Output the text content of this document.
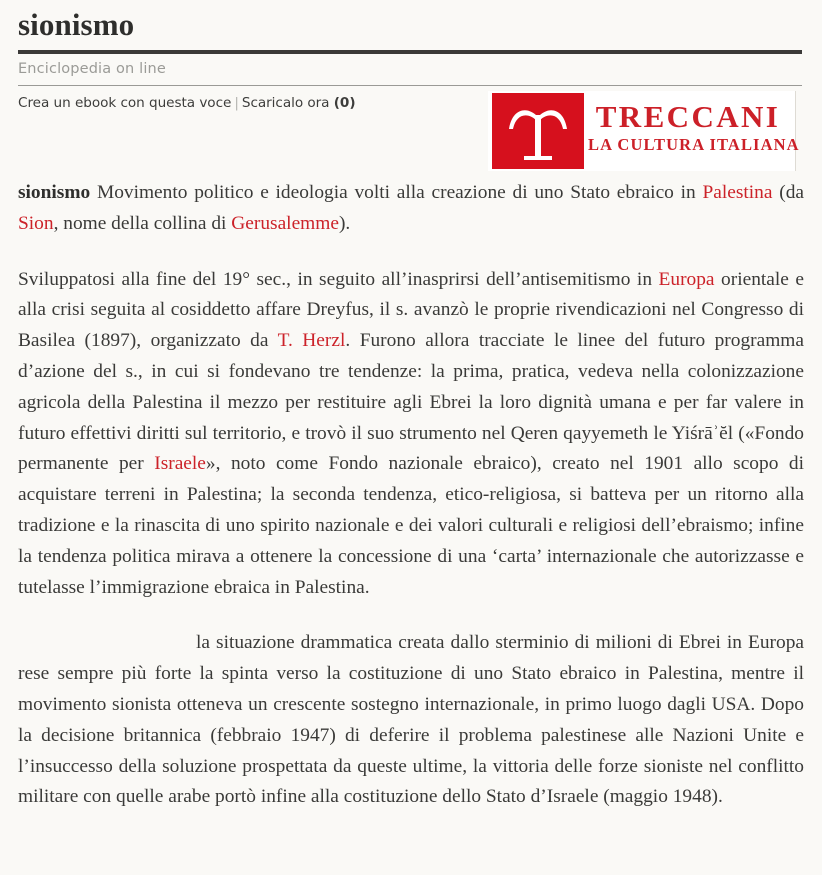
sionismo
Enciclopedia on line
Crea un ebook con questa voce | Scaricalo ora (0)	TRECCANI
LA CULTURA ITALIANA

sionismo Movimento politico e ideologia volti alla creazione di uno Stato ebraico in Palestina (da Sion, nome della collina di Gerusalemme).

Sviluppatosi alla fine del 19° sec., in seguito all’inasprirsi dell’antisemitismo in Europa orientale e alla crisi seguita al cosiddetto affare Dreyfus, il s. avanzò le proprie rivendicazioni nel Congresso di Basilea (1897), organizzato da T. Herzl. Furono allora tracciate le linee del futuro programma d’azione del s., in cui si fondevano tre tendenze: la prima, pratica, vedeva nella colonizzazione agricola della Palestina il mezzo per restituire agli Ebrei la loro dignità umana e per far valere in futuro effettivi diritti sul territorio, e trovò il suo strumento nel Qeren qayyemeth le Yiśrāʾĕl («Fondo permanente per Israele», noto come Fondo nazionale ebraico), creato nel 1901 allo scopo di acquistare terreni in Palestina; la seconda tendenza, etico-religiosa, si batteva per un ritorno alla tradizione e la rinascita di uno spirito nazionale e dei valori culturali e religiosi dell’ebraismo; infine la tendenza politica mirava a ottenere la concessione di una ‘carta’ internazionale che autorizzasse e tutelasse l’immigrazione ebraica in Palestina.

la situazione drammatica creata dallo sterminio di milioni di Ebrei in Europa rese sempre più forte la spinta verso la costituzione di uno Stato ebraico in Palestina, mentre il movimento sionista otteneva un crescente sostegno internazionale, in primo luogo dagli USA. Dopo la decisione britannica (febbraio 1947) di deferire il problema palestinese alle Nazioni Unite e l’insuccesso della soluzione prospettata da queste ultime, la vittoria delle forze sioniste nel conflitto militare con quelle arabe portò infine alla costituzione dello Stato d’Israele (maggio 1948).
